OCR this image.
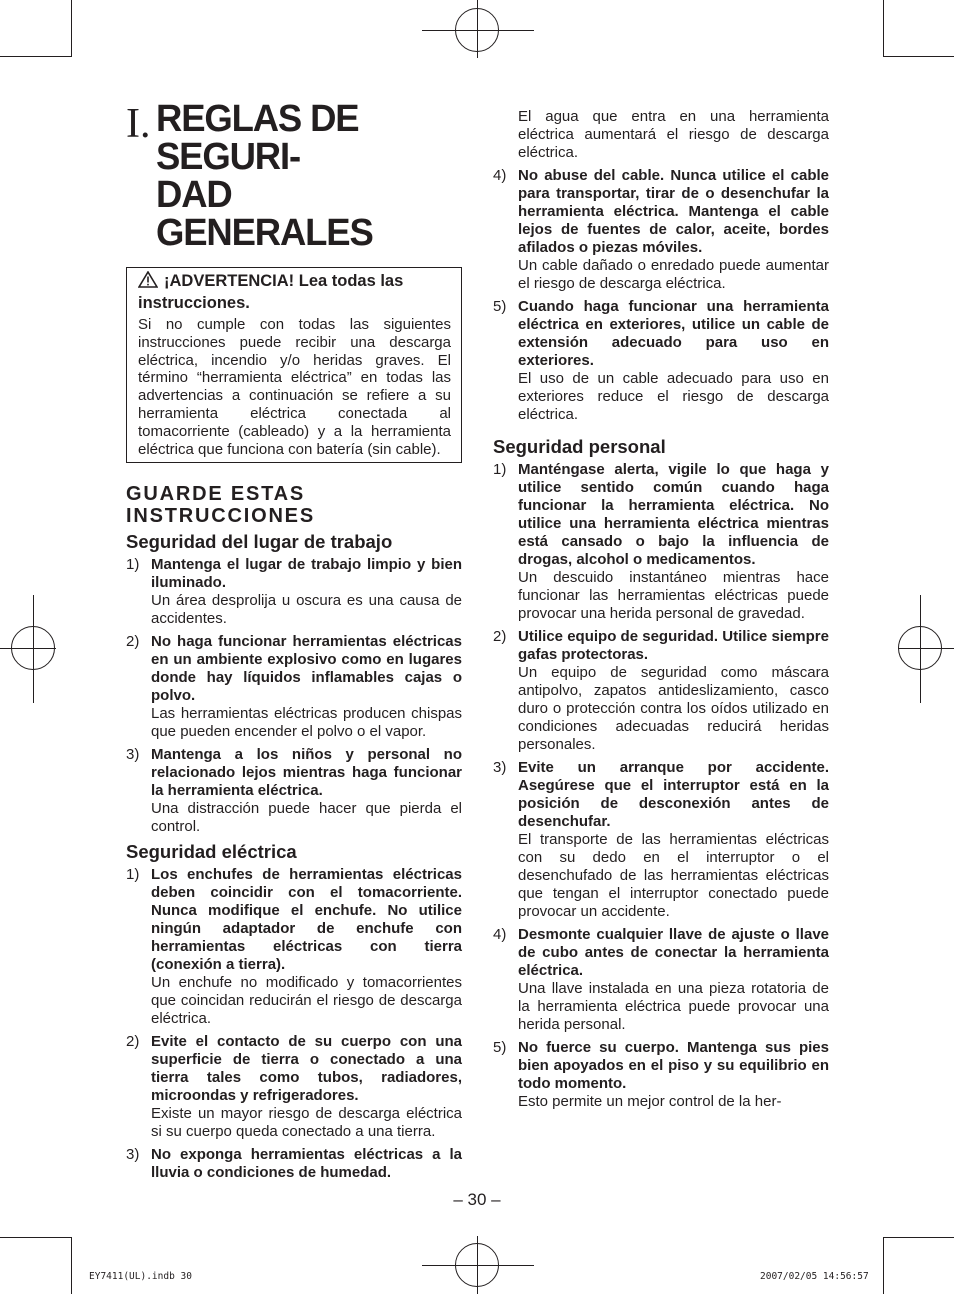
I. REGLAS DE SEGURI-
DAD GENERALES
¡ADVERTENCIA! Lea todas las instrucciones.
Si no cumple con todas las siguientes instrucciones puede recibir una descarga eléctrica, incendio y/o heridas graves. El término “herramienta eléctrica” en todas las advertencias a continuación se refiere a su herramienta eléctrica conectada al tomacorriente (cableado) y a la herramienta eléctrica que funciona con batería (sin cable).
GUARDE ESTAS INSTRUCCIONES
Seguridad del lugar de trabajo
1) Mantenga el lugar de trabajo limpio y bien iluminado.
Un área desprolija u oscura es una causa de accidentes.
2) No haga funcionar herramientas eléctricas en un ambiente explosivo como en lugares donde hay líquidos inflamables cajas o polvo.
Las herramientas eléctricas producen chispas que pueden encender el polvo o el vapor.
3) Mantenga a los niños y personal no relacionado lejos mientras haga funcionar la herramienta eléctrica.
Una distracción puede hacer que pierda el control.
Seguridad eléctrica
1) Los enchufes de herramientas eléctricas deben coincidir con el tomacorriente. Nunca modifique el enchufe. No utilice ningún adaptador de enchufe con herramientas eléctricas con tierra (conexión a tierra).
Un enchufe no modificado y tomacorrientes que coincidan reducirán el riesgo de descarga eléctrica.
2) Evite el contacto de su cuerpo con una superficie de tierra o conectado a una tierra tales como tubos, radiadores, microondas y refrigeradores.
Existe un mayor riesgo de descarga eléctrica si su cuerpo queda conectado a una tierra.
3) No exponga herramientas eléctricas a la lluvia o condiciones de humedad.
El agua que entra en una herramienta eléctrica aumentará el riesgo de descarga eléctrica.
4) No abuse del cable. Nunca utilice el cable para transportar, tirar de o desenchufar la herramienta eléctrica. Mantenga el cable lejos de fuentes de calor, aceite, bordes afilados o piezas móviles.
Un cable dañado o enredado puede aumentar el riesgo de descarga eléctrica.
5) Cuando haga funcionar una herramienta eléctrica en exteriores, utilice un cable de extensión adecuado para uso en exteriores.
El uso de un cable adecuado para uso en exteriores reduce el riesgo de descarga eléctrica.
Seguridad personal
1) Manténgase alerta, vigile lo que haga y utilice sentido común cuando haga funcionar la herramienta eléctrica. No utilice una herramienta eléctrica mientras está cansado o bajo la influencia de drogas, alcohol o medicamentos.
Un descuido instantáneo mientras hace funcionar las herramientas eléctricas puede provocar una herida personal de gravedad.
2) Utilice equipo de seguridad. Utilice siempre gafas protectoras.
Un equipo de seguridad como máscara antipolvo, zapatos antideslizamiento, casco duro o protección contra los oídos utilizado en condiciones adecuadas reducirá heridas personales.
3) Evite un arranque por accidente. Asegúrese que el interruptor está en la posición de desconexión antes de desenchufar.
El transporte de las herramientas eléctricas con su dedo en el interruptor o el desenchufado de las herramientas eléctricas que tengan el interruptor conectado puede provocar un accidente.
4) Desmonte cualquier llave de ajuste o llave de cubo antes de conectar la herramienta eléctrica.
Una llave instalada en una pieza rotatoria de la herramienta eléctrica puede provocar una herida personal.
5) No fuerce su cuerpo. Mantenga sus pies bien apoyados en el piso y su equilibrio en todo momento.
Esto permite un mejor control de la her-
– 30 –
EY7411(UL).indb 30	2007/02/05 14:56:57
